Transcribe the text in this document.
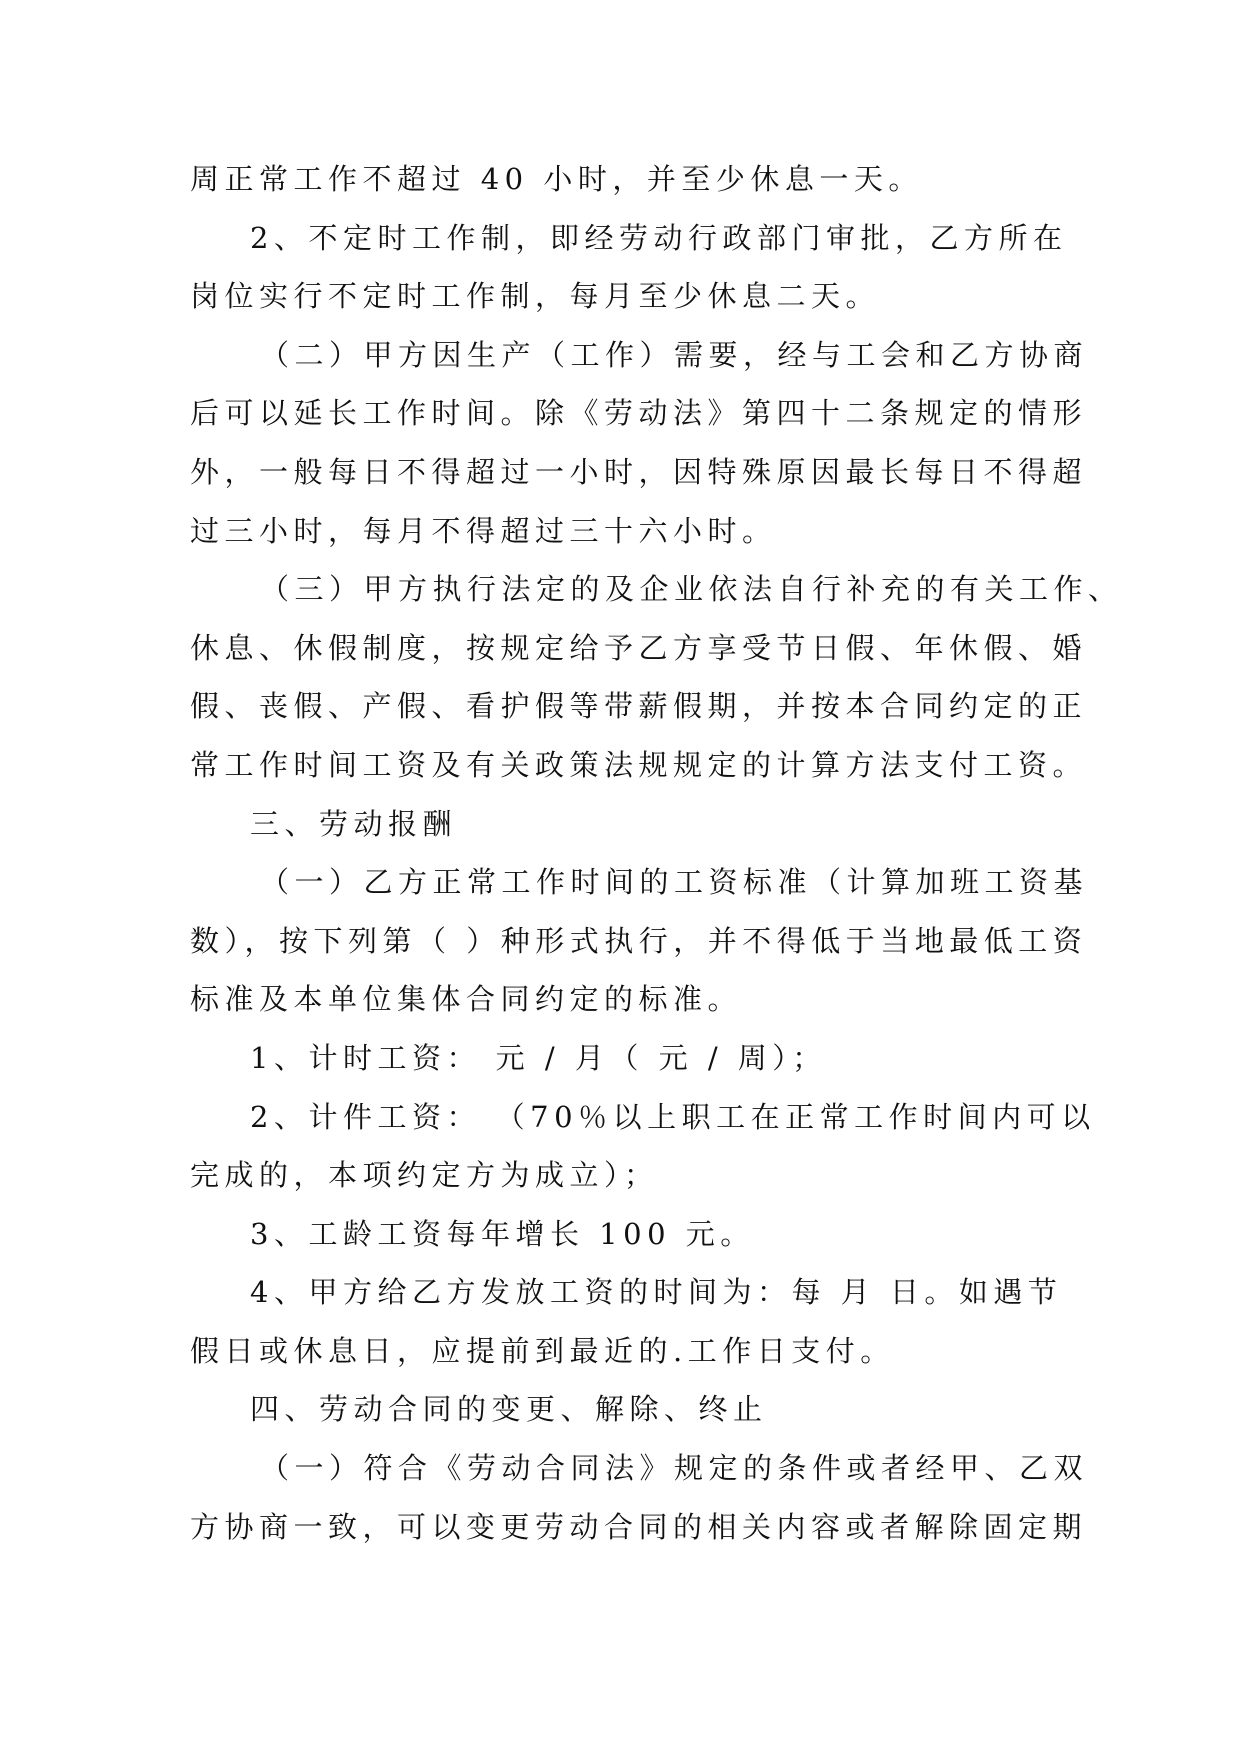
周正常工作不超过 40 小时，并至少休息一天。
2、不定时工作制，即经劳动行政部门审批，乙方所在
岗位实行不定时工作制，每月至少休息二天。
（二）甲方因生产（工作）需要，经与工会和乙方协商
后可以延长工作时间。除《劳动法》第四十二条规定的情形
外，一般每日不得超过一小时，因特殊原因最长每日不得超
过三小时，每月不得超过三十六小时。
（三）甲方执行法定的及企业依法自行补充的有关工作、
休息、休假制度，按规定给予乙方享受节日假、年休假、婚
假、丧假、产假、看护假等带薪假期，并按本合同约定的正
常工作时间工资及有关政策法规规定的计算方法支付工资。
三、劳动报酬
（一）乙方正常工作时间的工资标准（计算加班工资基
数），按下列第（ ）种形式执行，并不得低于当地最低工资
标准及本单位集体合同约定的标准。
1、计时工资： 元 / 月（ 元 / 周）；
2、计件工资： （70％以上职工在正常工作时间内可以
完成的，本项约定方为成立）；
3、工龄工资每年增长 100 元。
4、甲方给乙方发放工资的时间为：每 月 日。如遇节
假日或休息日，应提前到最近的.工作日支付。
四、劳动合同的变更、解除、终止
（一）符合《劳动合同法》规定的条件或者经甲、乙双
方协商一致，可以变更劳动合同的相关内容或者解除固定期
